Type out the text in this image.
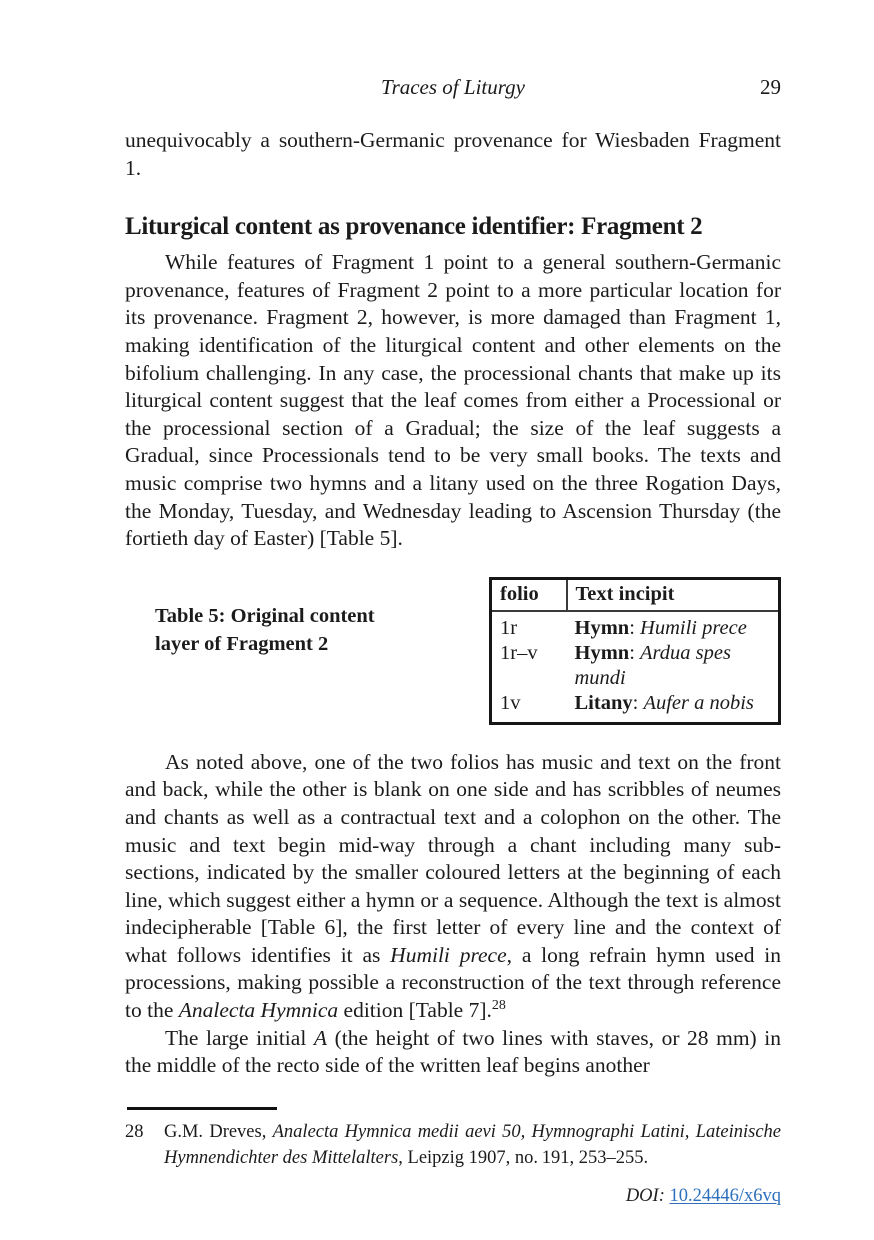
Traces of Liturgy	29

unequivocably a southern-Germanic provenance for Wiesbaden Fragment 1.

Liturgical content as provenance identifier: Fragment 2

While features of Fragment 1 point to a general southern-Germanic provenance, features of Fragment 2 point to a more particular location for its provenance. Fragment 2, however, is more damaged than Fragment 1, making identification of the liturgical content and other elements on the bifolium challenging. In any case, the processional chants that make up its liturgical content suggest that the leaf comes from either a Processional or the processional section of a Gradual; the size of the leaf suggests a Gradual, since Processionals tend to be very small books. The texts and music comprise two hymns and a litany used on the three Rogation Days, the Monday, Tuesday, and Wednesday leading to Ascension Thursday (the fortieth day of Easter) [Table 5].

Table 5: Original content layer of Fragment 2
folio	Text incipit
1r	Hymn: Humili prece
1r–v	Hymn: Ardua spes mundi
1v	Litany: Aufer a nobis

As noted above, one of the two folios has music and text on the front and back, while the other is blank on one side and has scribbles of neumes and chants as well as a contractual text and a colophon on the other. The music and text begin mid-way through a chant including many sub-sections, indicated by the smaller coloured letters at the beginning of each line, which suggest either a hymn or a sequence. Although the text is almost indecipherable [Table 6], the first letter of every line and the context of what follows identifies it as Humili prece, a long refrain hymn used in processions, making possible a reconstruction of the text through reference to the Analecta Hymnica edition [Table 7].$^{28}$

The large initial A (the height of two lines with staves, or 28 mm) in the middle of the recto side of the written leaf begins another

28	G.M. Dreves, Analecta Hymnica medii aevi 50, Hymnographi Latini, Lateinische Hymnendichter des Mittelalters, Leipzig 1907, no. 191, 253–255.
DOI: 10.24446/x6vq
